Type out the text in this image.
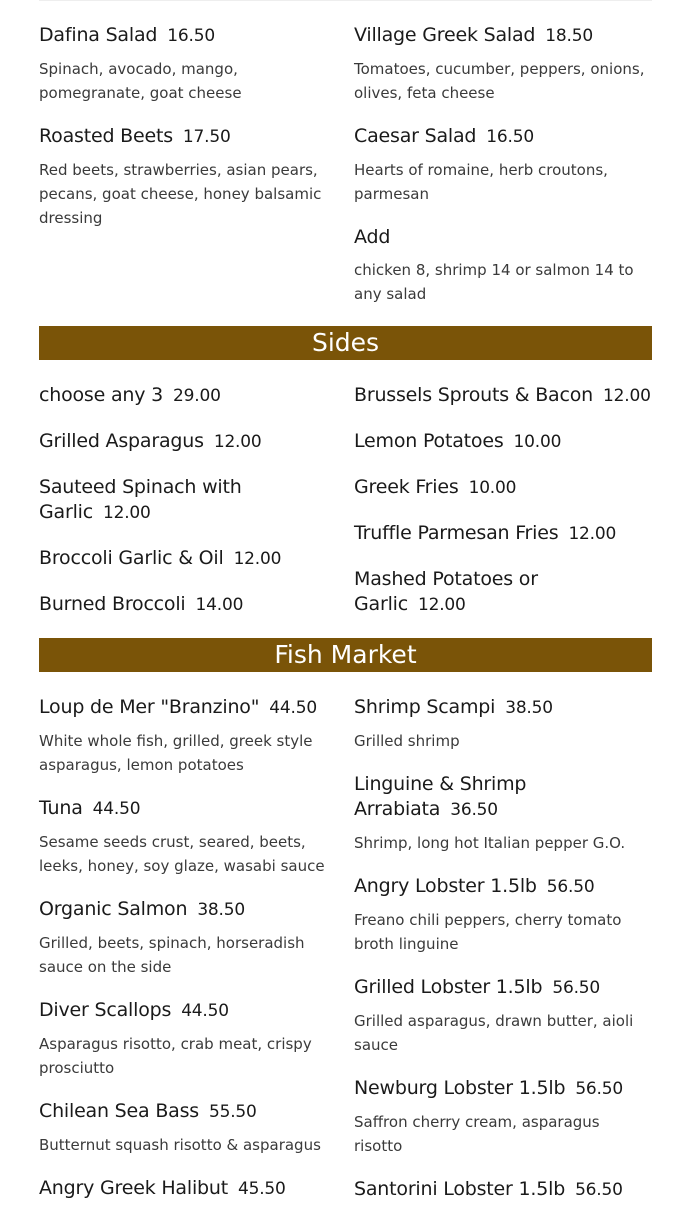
Dafina Salad 16.50
Spinach, avocado, mango, pomegranate, goat cheese
Roasted Beets 17.50
Red beets, strawberries, asian pears, pecans, goat cheese, honey balsamic dressing
Village Greek Salad 18.50
Tomatoes, cucumber, peppers, onions, olives, feta cheese
Caesar Salad 16.50
Hearts of romaine, herb croutons, parmesan
Add
chicken 8, shrimp 14 or salmon 14 to any salad
Sides
choose any 3 29.00
Grilled Asparagus 12.00
Sauteed Spinach with Garlic 12.00
Broccoli Garlic & Oil 12.00
Burned Broccoli 14.00
Brussels Sprouts & Bacon 12.00
Lemon Potatoes 10.00
Greek Fries 10.00
Truffle Parmesan Fries 12.00
Mashed Potatoes or Garlic 12.00
Fish Market
Loup de Mer "Branzino" 44.50
White whole fish, grilled, greek style asparagus, lemon potatoes
Tuna 44.50
Sesame seeds crust, seared, beets, leeks, honey, soy glaze, wasabi sauce
Organic Salmon 38.50
Grilled, beets, spinach, horseradish sauce on the side
Diver Scallops 44.50
Asparagus risotto, crab meat, crispy prosciutto
Chilean Sea Bass 55.50
Butternut squash risotto & asparagus
Angry Greek Halibut 45.50
Shrimp Scampi 38.50
Grilled shrimp
Linguine & Shrimp Arrabiata 36.50
Shrimp, long hot Italian pepper G.O.
Angry Lobster 1.5lb 56.50
Freano chili peppers, cherry tomato broth linguine
Grilled Lobster 1.5lb 56.50
Grilled asparagus, drawn butter, aioli sauce
Newburg Lobster 1.5lb 56.50
Saffron cherry cream, asparagus risotto
Santorini Lobster 1.5lb 56.50
